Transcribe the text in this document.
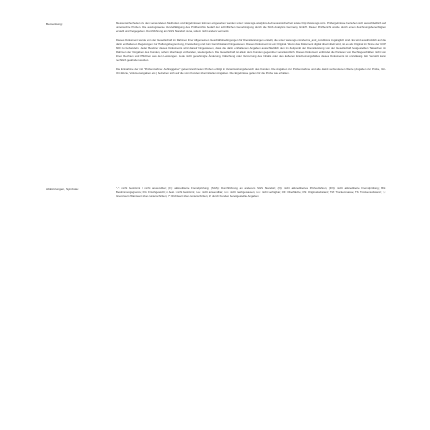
Bemerkung:	Messunsicherheiten zu den verwendeten Methoden und Ergebnissen können eingesehen werden unter: www.sgs-analytics.de/messunsicherheit sowie http://www.sgs.com. Prüfergebnisse beziehen sich ausschließlich auf untersuchte Proben. Die auszugsweise Vervielfältigung des Prüfberichts bedarf der schriftlichen Genehmigung durch die SGS Analytics Germany GmbH. Dieser Prüfbericht wurde durch einen Zeichnungsberechtigten erstellt und freigegeben. Durchführung am SGS Standort Jena, sofern nicht anders vermerkt.

Dieses Dokument wurde von der Gesellschaft im Rahmen ihrer Allgemeinen Geschäftsbedingungen für Dienstleistungen erstellt, die unter www.sgs.com/terms_and_conditions zugänglich sind. Es wird ausdrücklich auf die darin enthaltenen Regelungen zur Haftungsbegrenzung, Freistellung und zum Gerichtsstand hingewiesen. Dieses Dokument ist ein Original. Wenn das Dokument digital übermittelt wird, ist es als Original im Sinne der UCP 600 zu behandeln. Jeder Besitzer dieses Dokuments wird darauf hingewiesen, dass die darin enthaltenen Angaben ausschließlich den im Zeitpunkt der Dienstleistung von der Gesellschaft festgestellten Tatsachen im Rahmen der Vorgaben des Kunden, sofern überhaupt vorhanden, wiedergeben. Die Gesellschaft ist allein dem Kunden gegenüber verantwortlich. Dieses Dokument entbindet die Parteien von Rechtsgeschäften nicht von ihren Rechten und Pflichten aus den Leistungen. Jede nicht genehmigte Änderung, Fälschung oder Verzerrung des Inhalts oder des äußeren Erscheinungsbildes dieses Dokuments ist unzulässig. Ein Verstoß kann rechtlich geahndet werden.

Die Entnahme der mit "Probennahme: Auftraggeber" gekennzeichneten Proben erfolgt in Verantwortungsbereich des Kunden. Die Angaben zur Probennahme und alle damit verbundenen Werte (Angaben zur Probe, Vor-Ort-Werte, Volumenangaben etc.) beziehen sich auf die vom Kunden übermittelten Angaben. Die Ergebnisse gelten für die Probe wie erhalten.

Abkürzungen, Symbole:	"-": nicht bestimmt / nicht anwendbar; (F): akkreditierte Fremdprüfung; (SGS): Durchführung an anderem SGS Standort; (N): nicht akkreditiertes Prüfverfahren; (FN): nicht akkreditierte Fremdprüfung; BG: Bestimmungsgrenze; FG: Frischgewicht; n.best.: nicht bestimmt; n.a.: nicht anwendbar; n.n.: nicht nachgewiesen; n.v.: nicht verfügbar; OF: Oberfläche; OS: Originalsubstanz; TM: Trockenmasse; TS: Trockensubstanz; ↑↓: Grenzwert /Warnwert über-/unterschritten; /*: Richtwert über-/unterschritten; #: durch Kunden bereitgestellte Angaben
